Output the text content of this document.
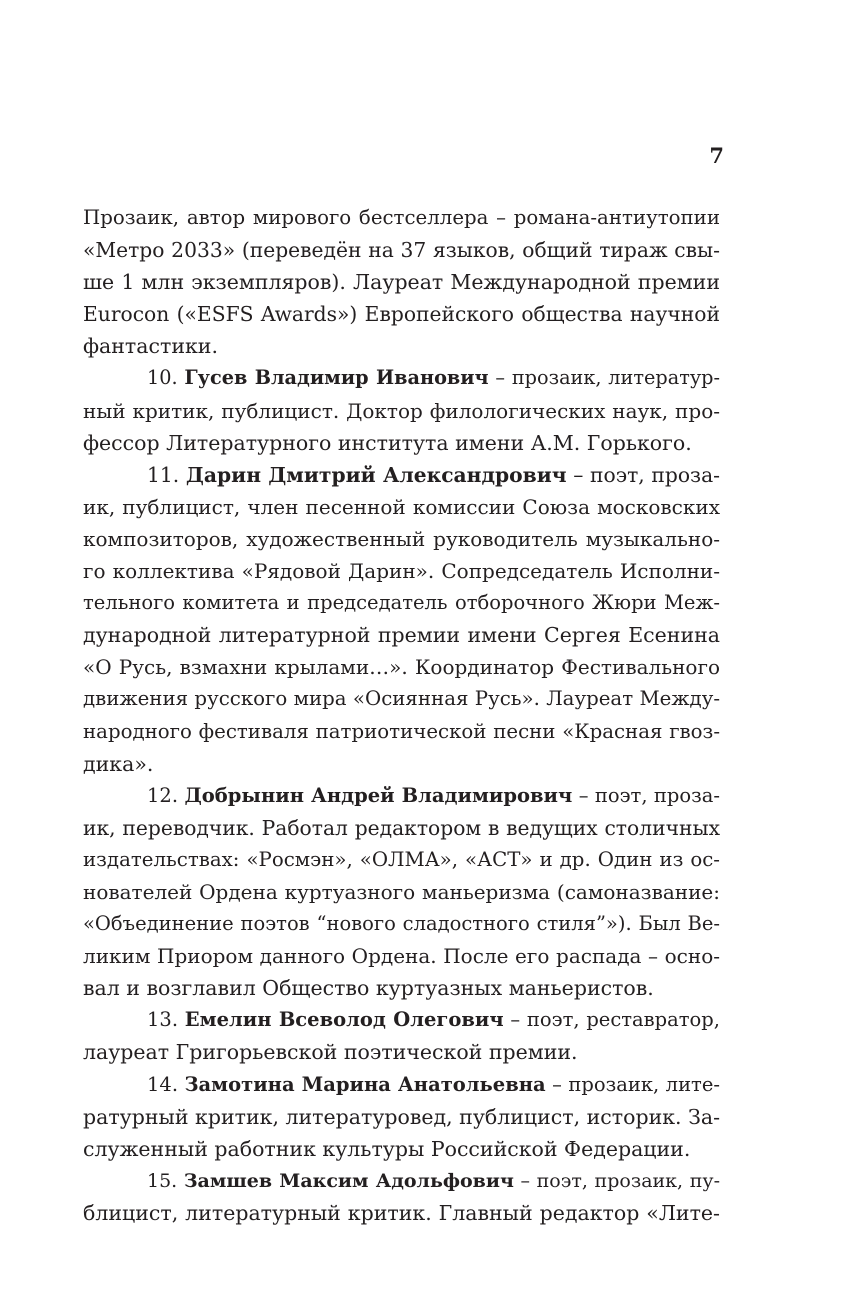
7
Прозаик, автор мирового бестселлера – романа-антиутопии
«Метро 2033» (переведён на 37 языков, общий тираж свы-
ше 1 млн экземпляров). Лауреат Международной премии
Eurocon («ESFS Awards») Европейского общества научной
фантастики.
10. Гусев Владимир Иванович – прозаик, литератур-
ный критик, публицист. Доктор филологических наук, про-
фессор Литературного института имени А.М. Горького.
11. Дарин Дмитрий Александрович – поэт, проза-
ик, публицист, член песенной комиссии Союза московских
композиторов, художественный руководитель музыкально-
го коллектива «Рядовой Дарин». Сопредседатель Исполни-
тельного комитета и председатель отборочного Жюри Меж-
дународной литературной премии имени Сергея Есенина
«О Русь, взмахни крылами…». Координатор Фестивального
движения русского мира «Осиянная Русь». Лауреат Между-
народного фестиваля патриотической песни «Красная гвоз-
дика».
12. Добрынин Андрей Владимирович – поэт, проза-
ик, переводчик. Работал редактором в ведущих столичных
издательствах: «Росмэн», «ОЛМА», «АСТ» и др. Один из ос-
нователей Ордена куртуазного маньеризма (самоназвание:
«Объединение поэтов “нового сладостного стиля”»). Был Ве-
ликим Приором данного Ордена. После его распада – осно-
вал и возглавил Общество куртуазных маньеристов.
13. Емелин Всеволод Олегович – поэт, реставратор,
лауреат Григорьевской поэтической премии.
14. Замотина Марина Анатольевна – прозаик, лите-
ратурный критик, литературовед, публицист, историк. За-
служенный работник культуры Российской Федерации.
15. Замшев Максим Адольфович – поэт, прозаик, пу-
блицист, литературный критик. Главный редактор «Лите-
